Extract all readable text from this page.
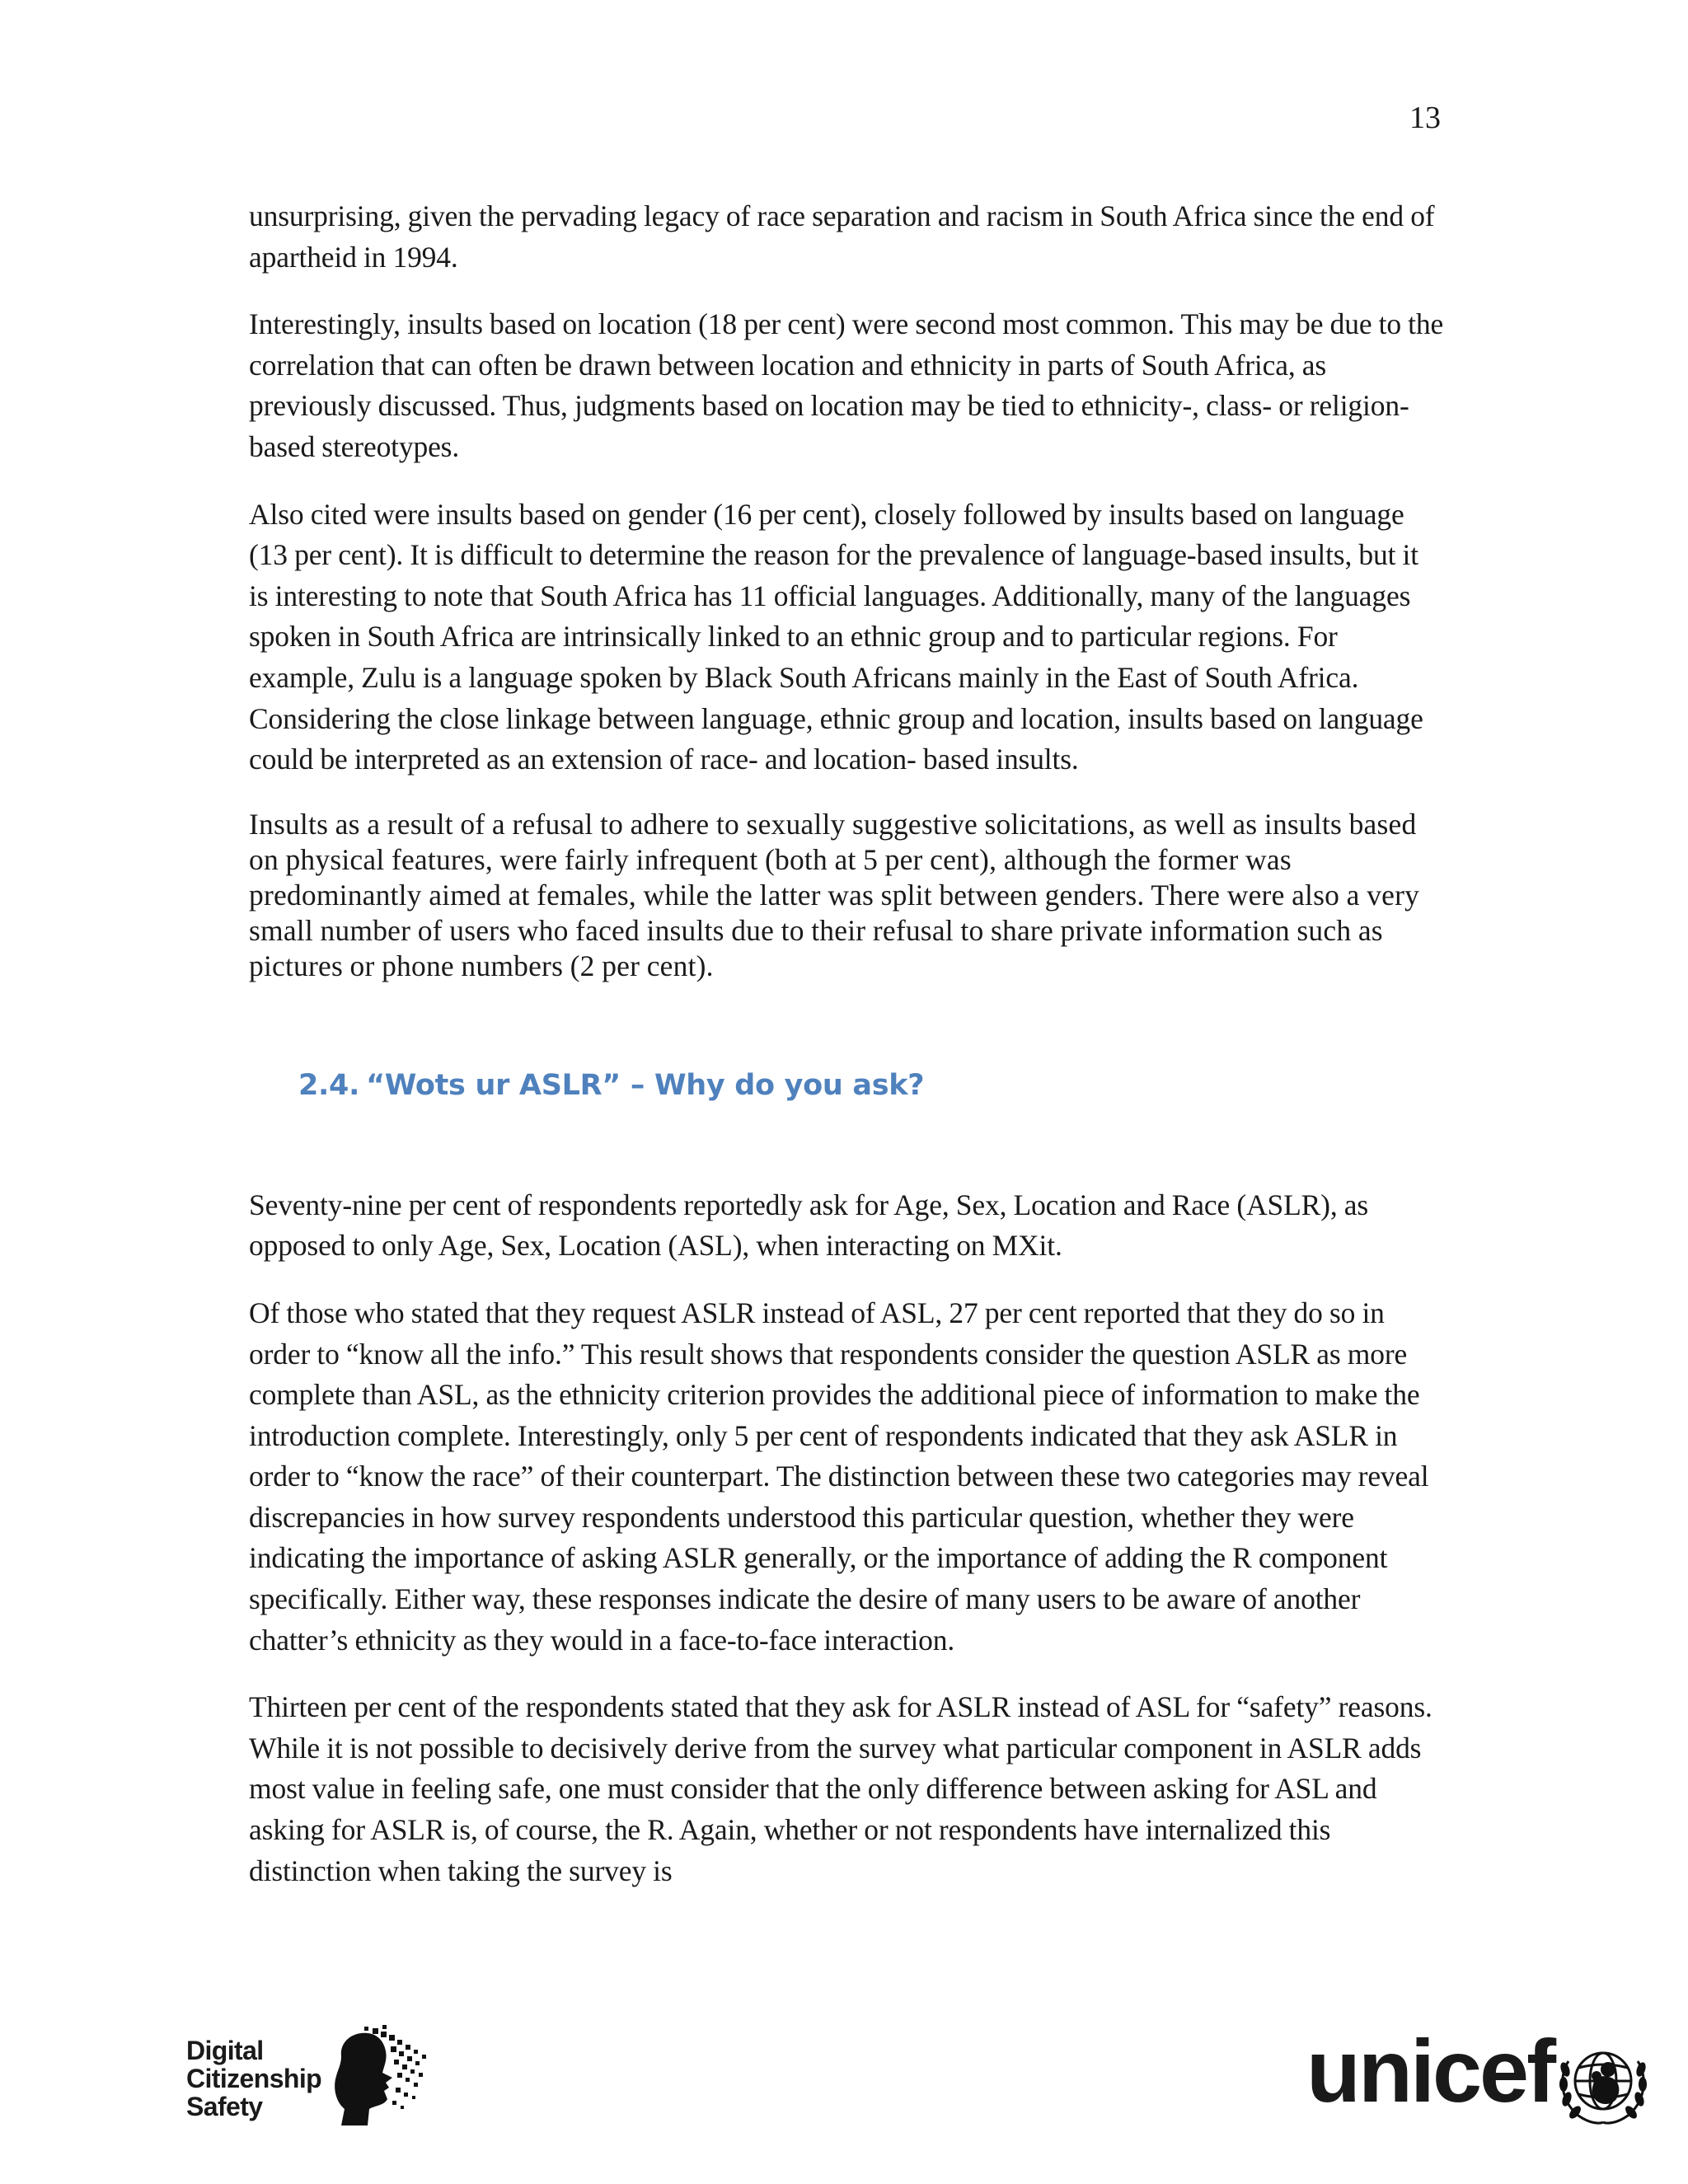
13

unsurprising, given the pervading legacy of race separation and racism in South Africa since the end of apartheid in 1994.

Interestingly, insults based on location (18 per cent) were second most common. This may be due to the correlation that can often be drawn between location and ethnicity in parts of South Africa, as previously discussed. Thus, judgments based on location may be tied to ethnicity-, class- or religion-based stereotypes.

Also cited were insults based on gender (16 per cent), closely followed by insults based on language (13 per cent). It is difficult to determine the reason for the prevalence of language-based insults, but it is interesting to note that South Africa has 11 official languages. Additionally, many of the languages spoken in South Africa are intrinsically linked to an ethnic group and to particular regions. For example, Zulu is a language spoken by Black South Africans mainly in the East of South Africa. Considering the close linkage between language, ethnic group and location, insults based on language could be interpreted as an extension of race- and location- based insults.

Insults as a result of a refusal to adhere to sexually suggestive solicitations, as well as insults based on physical features, were fairly infrequent (both at 5 per cent), although the former was predominantly aimed at females, while the latter was split between genders. There were also a very small number of users who faced insults due to their refusal to share private information such as pictures or phone numbers (2 per cent).

2.4. “Wots ur ASLR” – Why do you ask?

Seventy-nine per cent of respondents reportedly ask for Age, Sex, Location and Race (ASLR), as opposed to only Age, Sex, Location (ASL), when interacting on MXit.

Of those who stated that they request ASLR instead of ASL, 27 per cent reported that they do so in order to “know all the info.” This result shows that respondents consider the question ASLR as more complete than ASL, as the ethnicity criterion provides the additional piece of information to make the introduction complete. Interestingly, only 5 per cent of respondents indicated that they ask ASLR in order to “know the race” of their counterpart. The distinction between these two categories may reveal discrepancies in how survey respondents understood this particular question, whether they were indicating the importance of asking ASLR generally, or the importance of adding the R component specifically. Either way, these responses indicate the desire of many users to be aware of another chatter’s ethnicity as they would in a face-to-face interaction.

Thirteen per cent of the respondents stated that they ask for ASLR instead of ASL for “safety” reasons. While it is not possible to decisively derive from the survey what particular component in ASLR adds most value in feeling safe, one must consider that the only difference between asking for ASL and asking for ASLR is, of course, the R. Again, whether or not respondents have internalized this distinction when taking the survey is

Digital
Citizenship
Safety	unicef
